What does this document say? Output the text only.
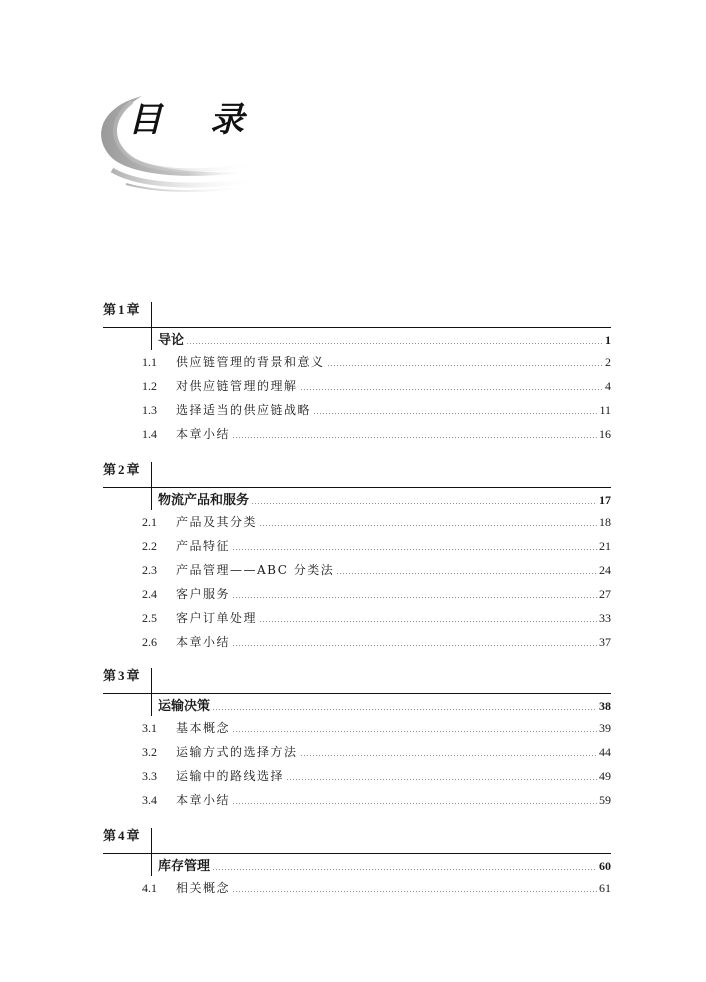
目 录
第 1 章
导论	1
1.1	供应链管理的背景和意义	2
1.2	对供应链管理的理解	4
1.3	选择适当的供应链战略	11
1.4	本章小结	16
第 2 章
物流产品和服务	17
2.1	产品及其分类	18
2.2	产品特征	21
2.3	产品管理——ABC 分类法	24
2.4	客户服务	27
2.5	客户订单处理	33
2.6	本章小结	37
第 3 章
运输决策	38
3.1	基本概念	39
3.2	运输方式的选择方法	44
3.3	运输中的路线选择	49
3.4	本章小结	59
第 4 章
库存管理	60
4.1	相关概念	61
